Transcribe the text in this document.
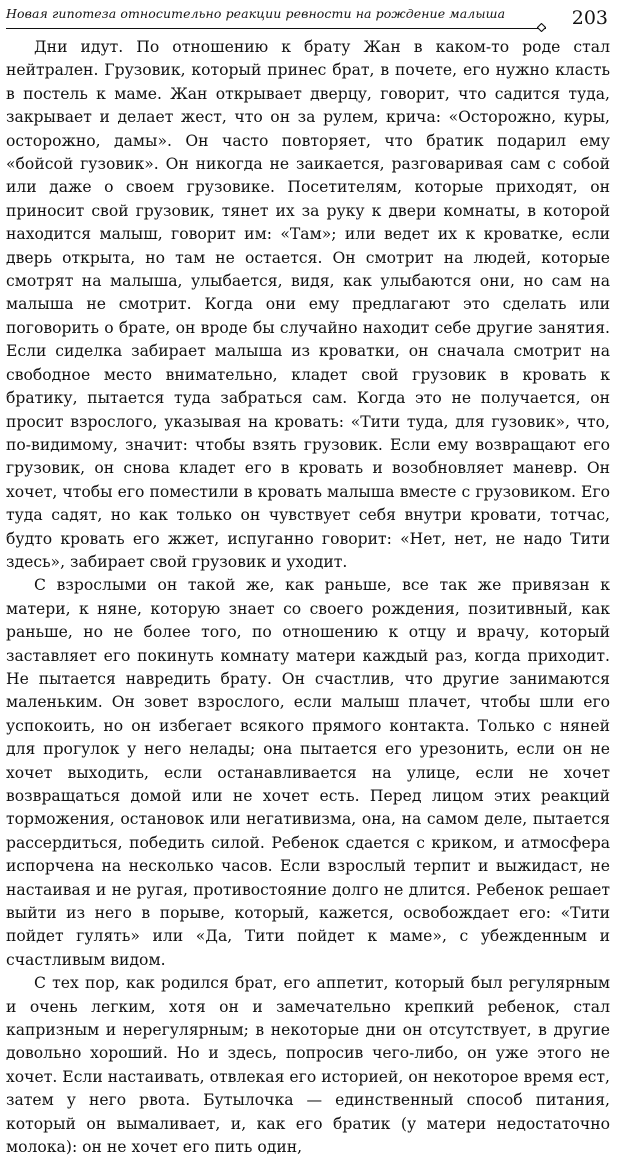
Новая гипотеза относительно реакции ревности на рождение малыша	203

Дни идут. По отношению к брату Жан в каком-то роде стал нейтрален. Грузовик, который принес брат, в почете, его нужно класть в постель к маме. Жан открывает дверцу, говорит, что садится туда, закрывает и делает жест, что он за рулем, крича: «Осторожно, куры, осторожно, дамы». Он часто повторяет, что братик подарил ему «бойсой гузовик». Он никогда не заикается, разговаривая сам с собой или даже о своем грузовике. Посетителям, которые приходят, он приносит свой грузовик, тянет их за руку к двери комнаты, в которой находится малыш, говорит им: «Там»; или ведет их к кроватке, если дверь открыта, но там не остается. Он смотрит на людей, которые смотрят на малыша, улыбается, видя, как улыбаются они, но сам на малыша не смотрит. Когда они ему предлагают это сделать или поговорить о брате, он вроде бы случайно находит себе другие занятия. Если сиделка забирает малыша из кроватки, он сначала смотрит на свободное место внимательно, кладет свой грузовик в кровать к братику, пытается туда забраться сам. Когда это не получается, он просит взрослого, указывая на кровать: «Тити туда, для гузовик», что, по-видимому, значит: чтобы взять грузовик. Если ему возвращают его грузовик, он снова кладет его в кровать и возобновляет маневр. Он хочет, чтобы его поместили в кровать малыша вместе с грузовиком. Его туда садят, но как только он чувствует себя внутри кровати, тотчас, будто кровать его жжет, испуганно говорит: «Нет, нет, не надо Тити здесь», забирает свой грузовик и уходит.

С взрослыми он такой же, как раньше, все так же привязан к матери, к няне, которую знает со своего рождения, позитивный, как раньше, но не более того, по отношению к отцу и врачу, который заставляет его покинуть комнату матери каждый раз, когда приходит. Не пытается навредить брату. Он счастлив, что другие занимаются маленьким. Он зовет взрослого, если малыш плачет, чтобы шли его успокоить, но он избегает всякого прямого контакта. Только с няней для прогулок у него нелады; она пытается его урезонить, если он не хочет выходить, если останавливается на улице, если не хочет возвращаться домой или не хочет есть. Перед лицом этих реакций торможения, остановок или негативизма, она, на самом деле, пытается рассердиться, победить силой. Ребенок сдается с криком, и атмосфера испорчена на несколько часов. Если взрослый терпит и выжидаст, не настаивая и не ругая, противостояние долго не длится. Ребенок решает выйти из него в порыве, который, кажется, освобождает его: «Тити пойдет гулять» или «Да, Тити пойдет к маме», с убежденным и счастливым видом.

С тех пор, как родился брат, его аппетит, который был регулярным и очень легким, хотя он и замечательно крепкий ребенок, стал капризным и нерегулярным; в некоторые дни он отсутствует, в другие довольно хороший. Но и здесь, попросив чего-либо, он уже этого не хочет. Если настаивать, отвлекая его историей, он некоторое время ест, затем у него рвота. Бутылочка — единственный способ питания, который он вымаливает, и, как его братик (у матери недостаточно молока): он не хочет его пить один,
